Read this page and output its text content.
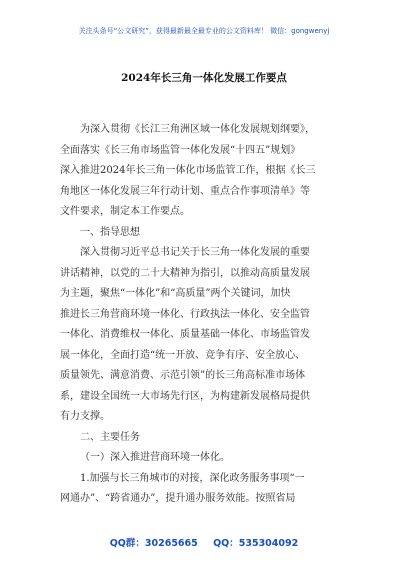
关注头条号“公文研究”，获得最新最全最专业的公文资料库！ 微信：gongwenyj
2024年长三角一体化发展工作要点
为深入贯彻《长江三角洲区域一体化发展规划纲要》，
全面落实《长三角市场监管一体化发展“十四五”规划》
深入推进2024年长三角一体化市场监管工作，根据《长三
角地区一体化发展三年行动计划、重点合作事项清单》等
文件要求，制定本工作要点。
一、指导思想
深入贯彻习近平总书记关于长三角一体化发展的重要
讲话精神，以党的二十大精神为指引，以推动高质量发展
为主题，聚焦“一体化”和“高质量”两个关键词，加快
推进长三角营商环境一体化、行政执法一体化、安全监管
一体化、消费维权一体化、质量基础一体化、市场监管发
展一体化，全面打造“统一开放、竞争有序、安全放心、
质量领先、满意消费、示范引领”的长三角高标准市场体
系，建设全国统一大市场先行区，为构建新发展格局提供
有力支撑。
二、主要任务
（一）深入推进营商环境一体化。
1.加强与长三角城市的对接，深化政务服务事项“一
网通办”、“跨省通办”，提升通办服务效能。按照省局
QQ群：30265665 QQ：535304092
